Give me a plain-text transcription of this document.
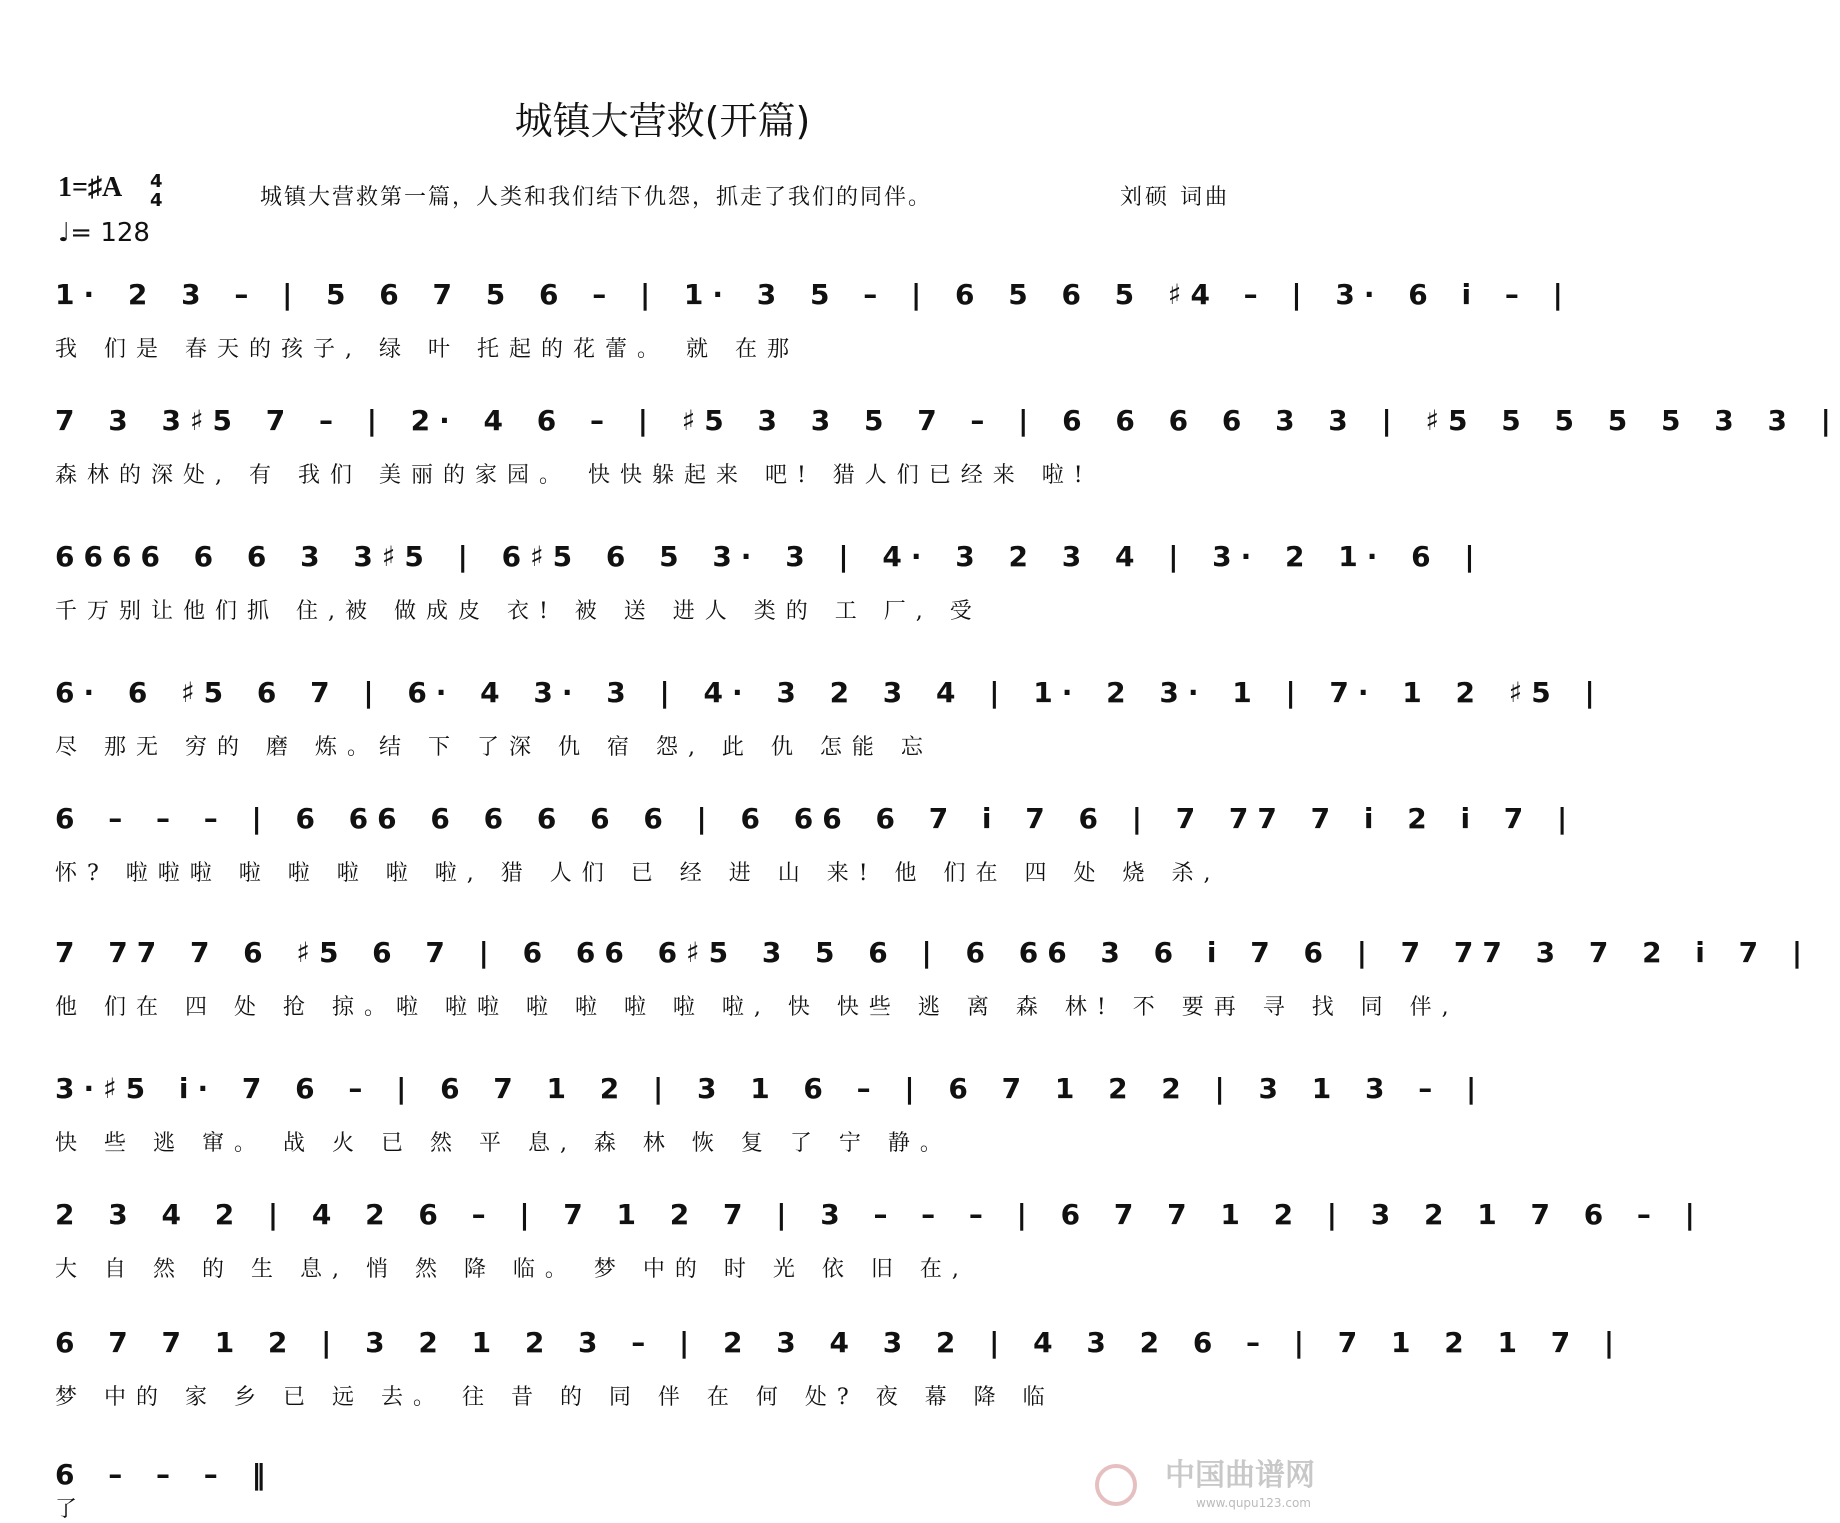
城镇大营救(开篇)
1=♯A 4
4
♩= 128
城镇大营救第一篇，人类和我们结下仇怨，抓走了我们的同伴。	刘硕 词曲
1· 2 3 – | 5 6 7 5 6 – | 1· 3 5 – | 6 5 6 5 ♯4 – | 3· 6 i – |
我 们是 春天的孩子, 绿 叶 托起的花蕾。 就 在那
7 3 3♯5 7 – | 2· 4 6 – | ♯5 3 3 5 7 – | 6 6 6 6 3 3 | ♯5 5 5 5 5 3 3 |
森林的深处, 有 我们 美丽的家园。 快快躲起来 吧! 猎人们已经来 啦!
6666 6 6 3 3♯5 | 6♯5 6 5 3· 3 | 4· 3 2 3 4 | 3· 2 1· 6 |
千万别让他们抓 住,被 做成皮 衣! 被 送 进人 类的 工 厂, 受
6· 6 ♯5 6 7 | 6· 4 3· 3 | 4· 3 2 3 4 | 1· 2 3· 1 | 7· 1 2 ♯5 |
尽 那无 穷的 磨 炼。结 下 了深 仇 宿 怨, 此 仇 怎能 忘
6 – – – | 6 66 6 6 6 6 6 | 6 66 6 7 i 7 6 | 7 77 7 i 2 i 7 |
怀? 啦啦啦 啦 啦 啦 啦 啦, 猎 人们 已 经 进 山 来! 他 们在 四 处 烧 杀,
7 77 7 6 ♯5 6 7 | 6 66 6♯5 3 5 6 | 6 66 3 6 i 7 6 | 7 77 3 7 2 i 7 |
他 们在 四 处 抢 掠。啦 啦啦 啦 啦 啦 啦 啦, 快 快些 逃 离 森 林! 不 要再 寻 找 同 伴,
3·♯5 i· 7 6 – | 6 7 1 2 | 3 1 6 – | 6 7 1 2 2 | 3 1 3 – |
快 些 逃 窜。 战 火 已 然 平 息, 森 林 恢 复 了 宁 静。
2 3 4 2 | 4 2 6 – | 7 1 2 7 | 3 – – – | 6 7 7 1 2 | 3 2 1 7 6 – |
大 自 然 的 生 息, 悄 然 降 临。 梦 中的 时 光 依 旧 在,
6 7 7 1 2 | 3 2 1 2 3 – | 2 3 4 3 2 | 4 3 2 6 – | 7 1 2 1 7 |
梦 中的 家 乡 已 远 去。 往 昔 的 同 伴 在 何 处? 夜 幕 降 临
6 – – – ‖
了
中国曲谱网
www.qupu123.com
